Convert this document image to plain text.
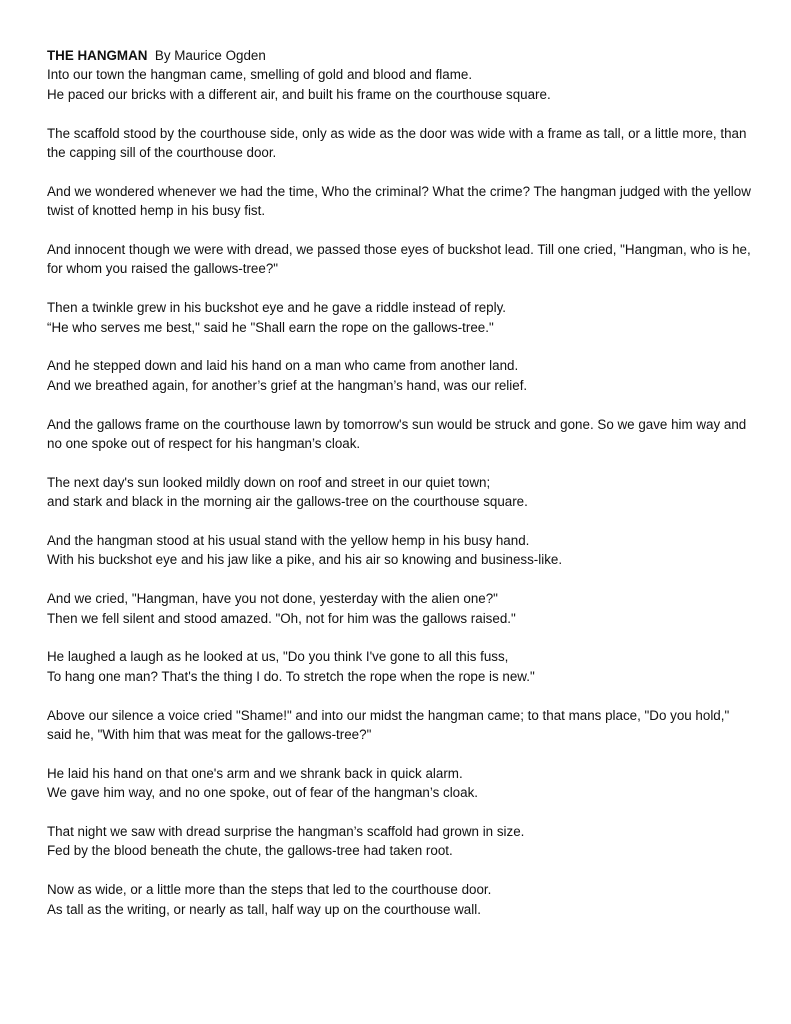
THE HANGMAN By Maurice Ogden

Into our town the hangman came, smelling of gold and blood and flame.
He paced our bricks with a different air, and built his frame on the courthouse square.

The scaffold stood by the courthouse side, only as wide as the door was wide with a frame as tall, or a little more, than the capping sill of the courthouse door.

And we wondered whenever we had the time, Who the criminal? What the crime? The hangman judged with the yellow twist of knotted hemp in his busy fist.

And innocent though we were with dread, we passed those eyes of buckshot lead. Till one cried, "Hangman, who is he, for whom you raised the gallows-tree?"

Then a twinkle grew in his buckshot eye and he gave a riddle instead of reply.
“He who serves me best," said he "Shall earn the rope on the gallows-tree."

And he stepped down and laid his hand on a man who came from another land.
And we breathed again, for another’s grief at the hangman’s hand, was our relief.

And the gallows frame on the courthouse lawn by tomorrow's sun would be struck and gone. So we gave him way and no one spoke out of respect for his hangman’s cloak.

The next day's sun looked mildly down on roof and street in our quiet town;
and stark and black in the morning air the gallows-tree on the courthouse square.

And the hangman stood at his usual stand with the yellow hemp in his busy hand.
With his buckshot eye and his jaw like a pike, and his air so knowing and business-like.

And we cried, "Hangman, have you not done, yesterday with the alien one?"
Then we fell silent and stood amazed. "Oh, not for him was the gallows raised."

He laughed a laugh as he looked at us, "Do you think I've gone to all this fuss,
To hang one man? That's the thing I do. To stretch the rope when the rope is new."

Above our silence a voice cried "Shame!" and into our midst the hangman came; to that mans place, "Do you hold," said he, "With him that was meat for the gallows-tree?"

He laid his hand on that one's arm and we shrank back in quick alarm.
We gave him way, and no one spoke, out of fear of the hangman’s cloak.

That night we saw with dread surprise the hangman’s scaffold had grown in size.
Fed by the blood beneath the chute, the gallows-tree had taken root.

Now as wide, or a little more than the steps that led to the courthouse door.
As tall as the writing, or nearly as tall, half way up on the courthouse wall.
